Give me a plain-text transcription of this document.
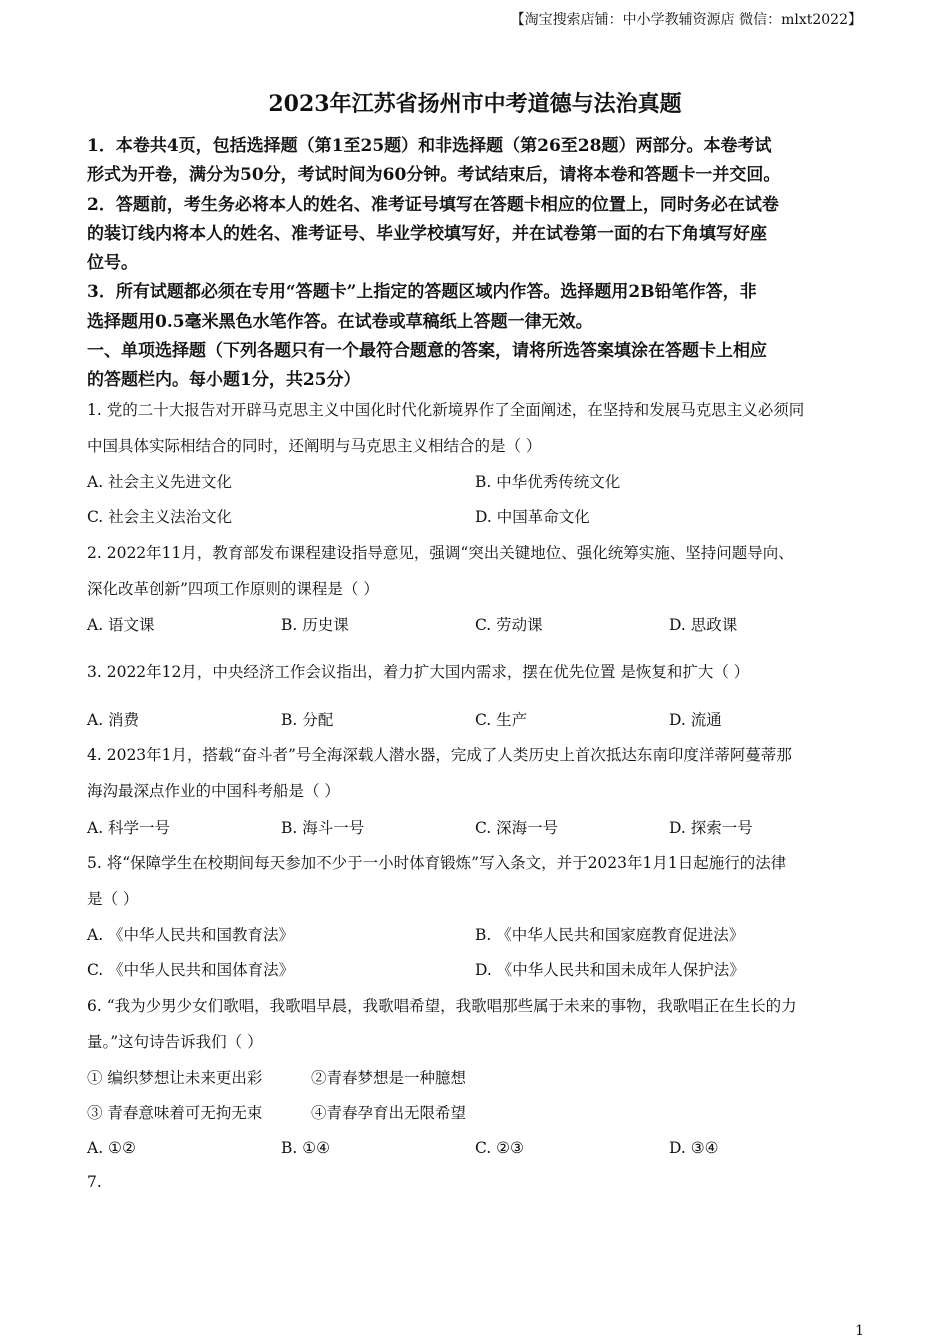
【淘宝搜索店铺：中小学教辅资源店 微信：mlxt2022】
2023年江苏省扬州市中考道德与法治真题

1．本卷共4页，包括选择题（第1至25题）和非选择题（第26至28题）两部分。本卷考试

形式为开卷，满分为50分，考试时间为60分钟。考试结束后，请将本卷和答题卡一并交回。

2．答题前，考生务必将本人的姓名、准考证号填写在答题卡相应的位置上，同时务必在试卷

的装订线内将本人的姓名、准考证号、毕业学校填写好，并在试卷第一面的右下角填写好座

位号。

3．所有试题都必须在专用“答题卡”上指定的答题区域内作答。选择题用2B铅笔作答，非

选择题用0.5毫米黑色水笔作答。在试卷或草稿纸上答题一律无效。

一、单项选择题（下列各题只有一个最符合题意的答案，请将所选答案填涂在答题卡上相应

的答题栏内。每小题1分，共25分）

1. 党的二十大报告对开辟马克思主义中国化时代化新境界作了全面阐述，在坚持和发展马克思主义必须同

中国具体实际相结合的同时，还阐明与马克思主义相结合的是（ ）

A. 社会主义先进文化	B. 中华优秀传统文化
C. 社会主义法治文化	D. 中国革命文化

2. 2022年11月，教育部发布课程建设指导意见，强调“突出关键地位、强化统筹实施、坚持问题导向、

深化改革创新”四项工作原则的课程是（ ）

A. 语文课	B. 历史课	C. 劳动课	D. 思政课

3. 2022年12月，中央经济工作会议指出，着力扩大国内需求，摆在优先位置 是恢复和扩大（ ）

A. 消费	B. 分配	C. 生产	D. 流通

4. 2023年1月，搭载“奋斗者”号全海深载人潜水器，完成了人类历史上首次抵达东南印度洋蒂阿蔓蒂那

海沟最深点作业的中国科考船是（ ）

A. 科学一号	B. 海斗一号	C. 深海一号	D. 探索一号

5. 将“保障学生在校期间每天参加不少于一小时体育锻炼”写入条文，并于2023年1月1日起施行的法律

是（ ）

A. 《中华人民共和国教育法》	B. 《中华人民共和国家庭教育促进法》
C. 《中华人民共和国体育法》	D. 《中华人民共和国未成年人保护法》

6. “我为少男少女们歌唱，我歌唱早晨，我歌唱希望，我歌唱那些属于未来的事物，我歌唱正在生长的力

量。”这句诗告诉我们（ ）

① 编织梦想让未来更出彩	②青春梦想是一种臆想
③ 青春意味着可无拘无束	④青春孕育出无限希望
A. ①②	B. ①④	C. ②③	D. ③④

7.

1
